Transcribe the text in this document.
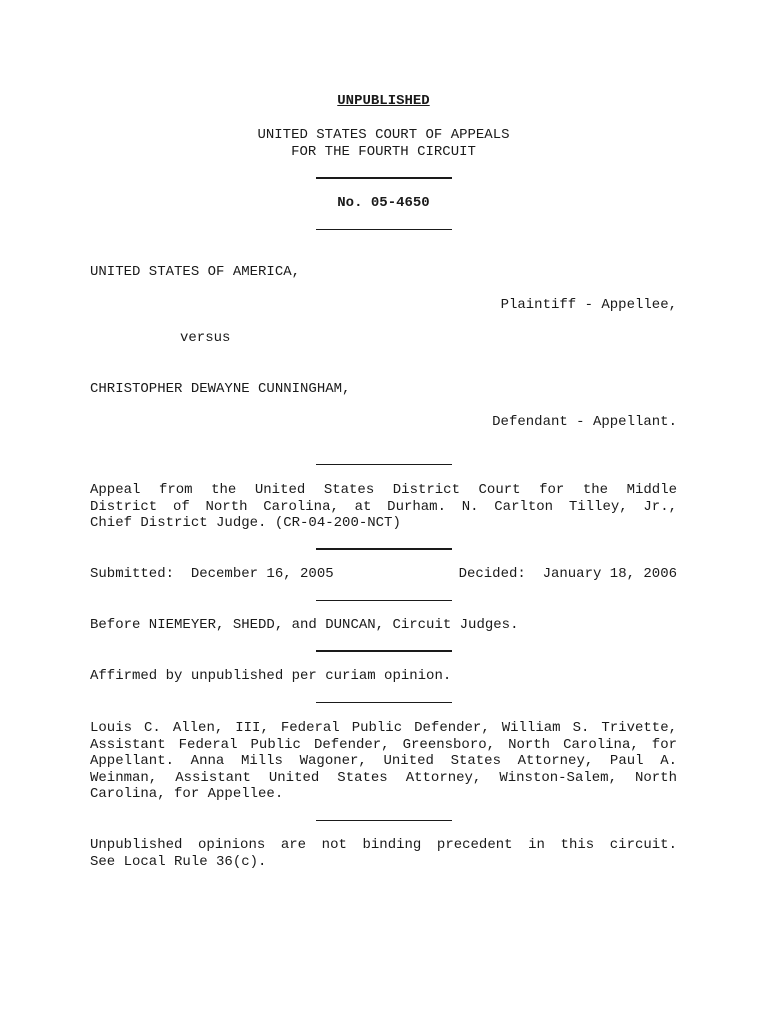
UNPUBLISHED
UNITED STATES COURT OF APPEALS
FOR THE FOURTH CIRCUIT
No. 05-4650
UNITED STATES OF AMERICA,
Plaintiff - Appellee,
versus
CHRISTOPHER DEWAYNE CUNNINGHAM,
Defendant - Appellant.
Appeal from the United States District Court for the Middle
District of North Carolina, at Durham. N. Carlton Tilley, Jr.,
Chief District Judge. (CR-04-200-NCT)
Submitted:  December 16, 2005	Decided:  January 18, 2006
Before NIEMEYER, SHEDD, and DUNCAN, Circuit Judges.
Affirmed by unpublished per curiam opinion.
Louis C. Allen, III, Federal Public Defender, William S. Trivette,
Assistant Federal Public Defender, Greensboro, North Carolina, for
Appellant. Anna Mills Wagoner, United States Attorney, Paul A.
Weinman, Assistant United States Attorney, Winston-Salem, North
Carolina, for Appellee.
Unpublished opinions are not binding precedent in this circuit.
See Local Rule 36(c).
